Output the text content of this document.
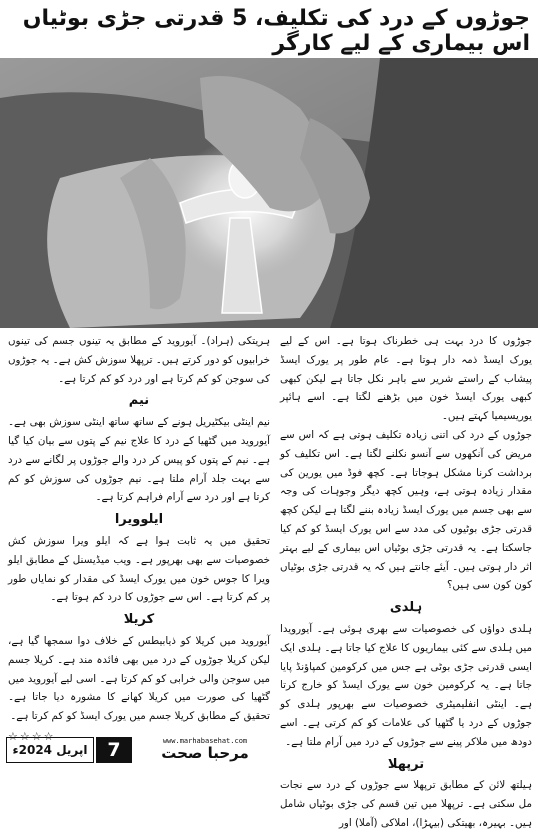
جوڑوں کے درد کی تکلیف، 5 قدرتی جڑی بوٹیاں اس بیماری کے لیے کارگر

جوڑوں کا درد بہت ہی خطرناک ہوتا ہے۔ اس کے لیے یورک ایسڈ ذمہ دار ہوتا ہے۔ عام طور پر یورک ایسڈ پیشاب کے راستے شریر سے باہر نکل جاتا ہے لیکن کبھی کبھی یورک ایسڈ خون میں بڑھنے لگتا ہے۔ اسے ہائپر یوریسیمیا کہتے ہیں۔

جوڑوں کے درد کی اتنی زیادہ تکلیف ہوتی ہے کہ اس سے مریض کی آنکھوں سے آنسو نکلنے لگتا ہے۔ اس تکلیف کو برداشت کرنا مشکل ہوجاتا ہے۔ کچھ فوڈ میں یورین کی مقدار زیادہ ہوتی ہے، وہیں کچھ دیگر وجوہات کی وجہ سے بھی جسم میں یورک ایسڈ زیادہ بننے لگتا ہے لیکن کچھ قدرتی جڑی بوٹیوں کی مدد سے اس یورک ایسڈ کو کم کیا جاسکتا ہے۔ یہ قدرتی جڑی بوٹیاں اس بیماری کے لیے بہتر اثر دار ہوتی ہیں۔ آیئے جانتے ہیں کہ یہ قدرتی جڑی بوٹیاں کون کون سی ہیں؟

ہلدی

ہلدی دواؤں کی خصوصیات سے بھری ہوئی ہے۔ آیورویدا میں ہلدی سے کئی بیماریوں کا علاج کیا جاتا ہے۔ ہلدی ایک ایسی قدرتی جڑی بوٹی ہے جس میں کرکومین کمپاؤنڈ پایا جاتا ہے۔ یہ کرکومین خون سے یورک ایسڈ کو خارج کرتا ہے۔ اینٹی انفلیمیٹری خصوصیات سے بھرپور ہلدی کو جوڑوں کے درد یا گٹھیا کی علامات کو کم کرتی ہے۔ اسے دودھ میں ملاکر پینے سے جوڑوں کے درد میں آرام ملتا ہے۔

ترپھلا

ہیلتھ لائن کے مطابق ترپھلا سے جوڑوں کے درد سے نجات مل سکتی ہے۔ ترپھلا میں تین قسم کی جڑی بوٹیاں شامل ہیں۔ بہیرہ، بھیتکی (بیہڑا)، املاکی (آملا) اور

ہریتکی (ہراد)۔ آیوروید کے مطابق یہ تینوں جسم کی تینوں خرابیوں کو دور کرتے ہیں۔ ترپھلا سوزش کش ہے۔ یہ جوڑوں کی سوجن کو کم کرتا ہے اور درد کو کم کرتا ہے۔

نیم

نیم اینٹی بیکٹیریل ہونے کے ساتھ ساتھ اینٹی سوزش بھی ہے۔ آیوروید میں گٹھیا کے درد کا علاج نیم کے پتوں سے بیان کیا گیا ہے۔ نیم کے پتوں کو پیس کر درد والے جوڑوں پر لگانے سے درد سے بہت جلد آرام ملتا ہے۔ نیم جوڑوں کی سوزش کو کم کرتا ہے اور درد سے آرام فراہم کرتا ہے۔

ایلوویرا

تحقیق میں یہ ثابت ہوا ہے کہ ایلو ویرا سوزش کش خصوصیات سے بھی بھرپور ہے۔ ویب میڈیسنل کے مطابق ایلو ویرا کا جوس خون میں یورک ایسڈ کی مقدار کو نمایاں طور پر کم کرتا ہے۔ اس سے جوڑوں کا درد کم ہوتا ہے۔

کریلا

آیوروید میں کریلا کو ذیابیطس کے خلاف دوا سمجھا گیا ہے، لیکن کریلا جوڑوں کے درد میں بھی فائدہ مند ہے۔ کریلا جسم میں سوجن والی خرابی کو کم کرتا ہے۔ اسی لیے آیوروید میں گٹھیا کی صورت میں کریلا کھانے کا مشورہ دیا جاتا ہے۔ تحقیق کے مطابق کریلا جسم میں یورک ایسڈ کو کم کرتا ہے۔

☆☆☆☆
اپریل 2024ء	7	www.marhabasehat.com
مرحبا صحت
